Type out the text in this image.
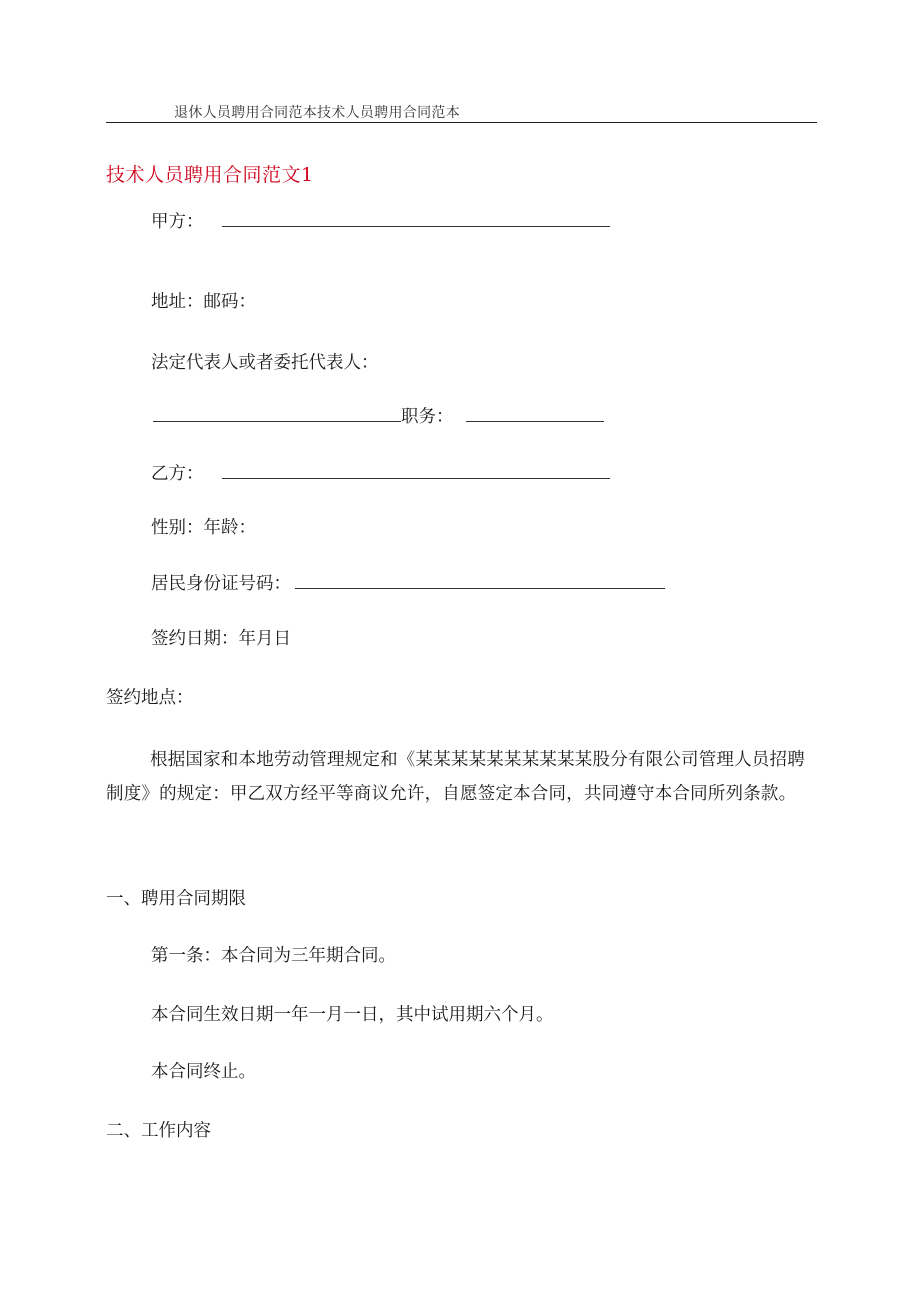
退休人员聘用合同范本技术人员聘用合同范本
技术人员聘用合同范文1
甲方：
地址：邮码：
法定代表人或者委托代表人：
职务：
乙方：
性别：年龄：
居民身份证号码：
签约日期：年月日
签约地点：
根据国家和本地劳动管理规定和《某某某某某某某某某某股分有限公司管理人员招聘制度》的规定：甲乙双方经平等商议允许，自愿签定本合同，共同遵守本合同所列条款。
一、聘用合同期限
第一条：本合同为三年期合同。
本合同生效日期一年一月一日，其中试用期六个月。
本合同终止。
二、工作内容
